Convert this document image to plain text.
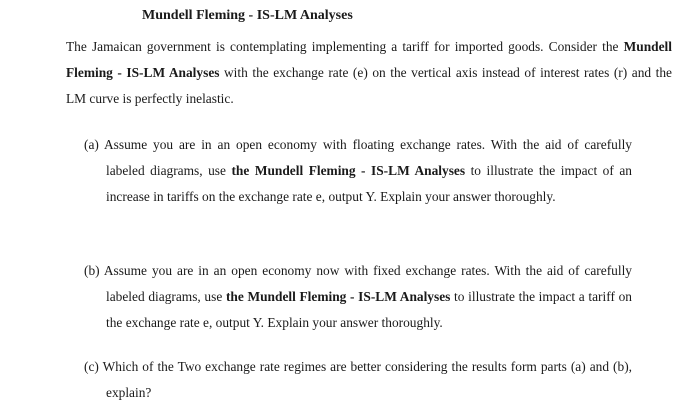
Mundell Fleming - IS-LM Analyses
The Jamaican government is contemplating implementing a tariff for imported goods. Consider the Mundell Fleming - IS-LM Analyses with the exchange rate (e) on the vertical axis instead of interest rates (r) and the LM curve is perfectly inelastic.
(a) Assume you are in an open economy with floating exchange rates. With the aid of carefully labeled diagrams, use the Mundell Fleming - IS-LM Analyses to illustrate the impact of an increase in tariffs on the exchange rate e, output Y. Explain your answer thoroughly.
(b) Assume you are in an open economy now with fixed exchange rates. With the aid of carefully labeled diagrams, use the Mundell Fleming - IS-LM Analyses to illustrate the impact a tariff on the exchange rate e, output Y. Explain your answer thoroughly.
(c) Which of the Two exchange rate regimes are better considering the results form parts (a) and (b), explain?
